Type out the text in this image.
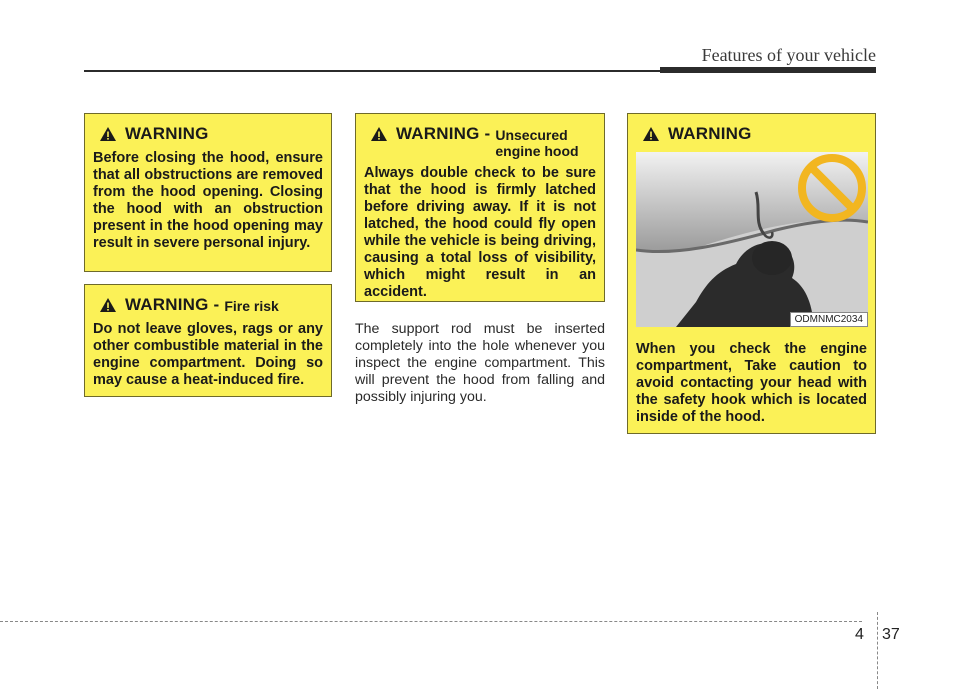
Features of your vehicle
WARNING
Before closing the hood, ensure that all obstructions are removed from the hood opening. Closing the hood with an obstruction present in the hood opening may result in severe personal injury.
WARNING - Fire risk
Do not leave gloves, rags or any other combustible material in the engine compartment. Doing so may cause a heat-induced fire.
WARNING - Unsecured
engine hood
Always double check to be sure that the hood is firmly latched before driving away. If it is not latched, the hood could fly open while the vehicle is being driving, causing a total loss of visibility, which might result in an accident.
The support rod must be inserted completely into the hole whenever you inspect the engine compartment. This will prevent the hood from falling and possibly injuring you.
WARNING
When you check the engine compartment, Take caution to avoid contacting your head with the safety hook which is located inside of the hood.
ODMNMC2034
4 37
